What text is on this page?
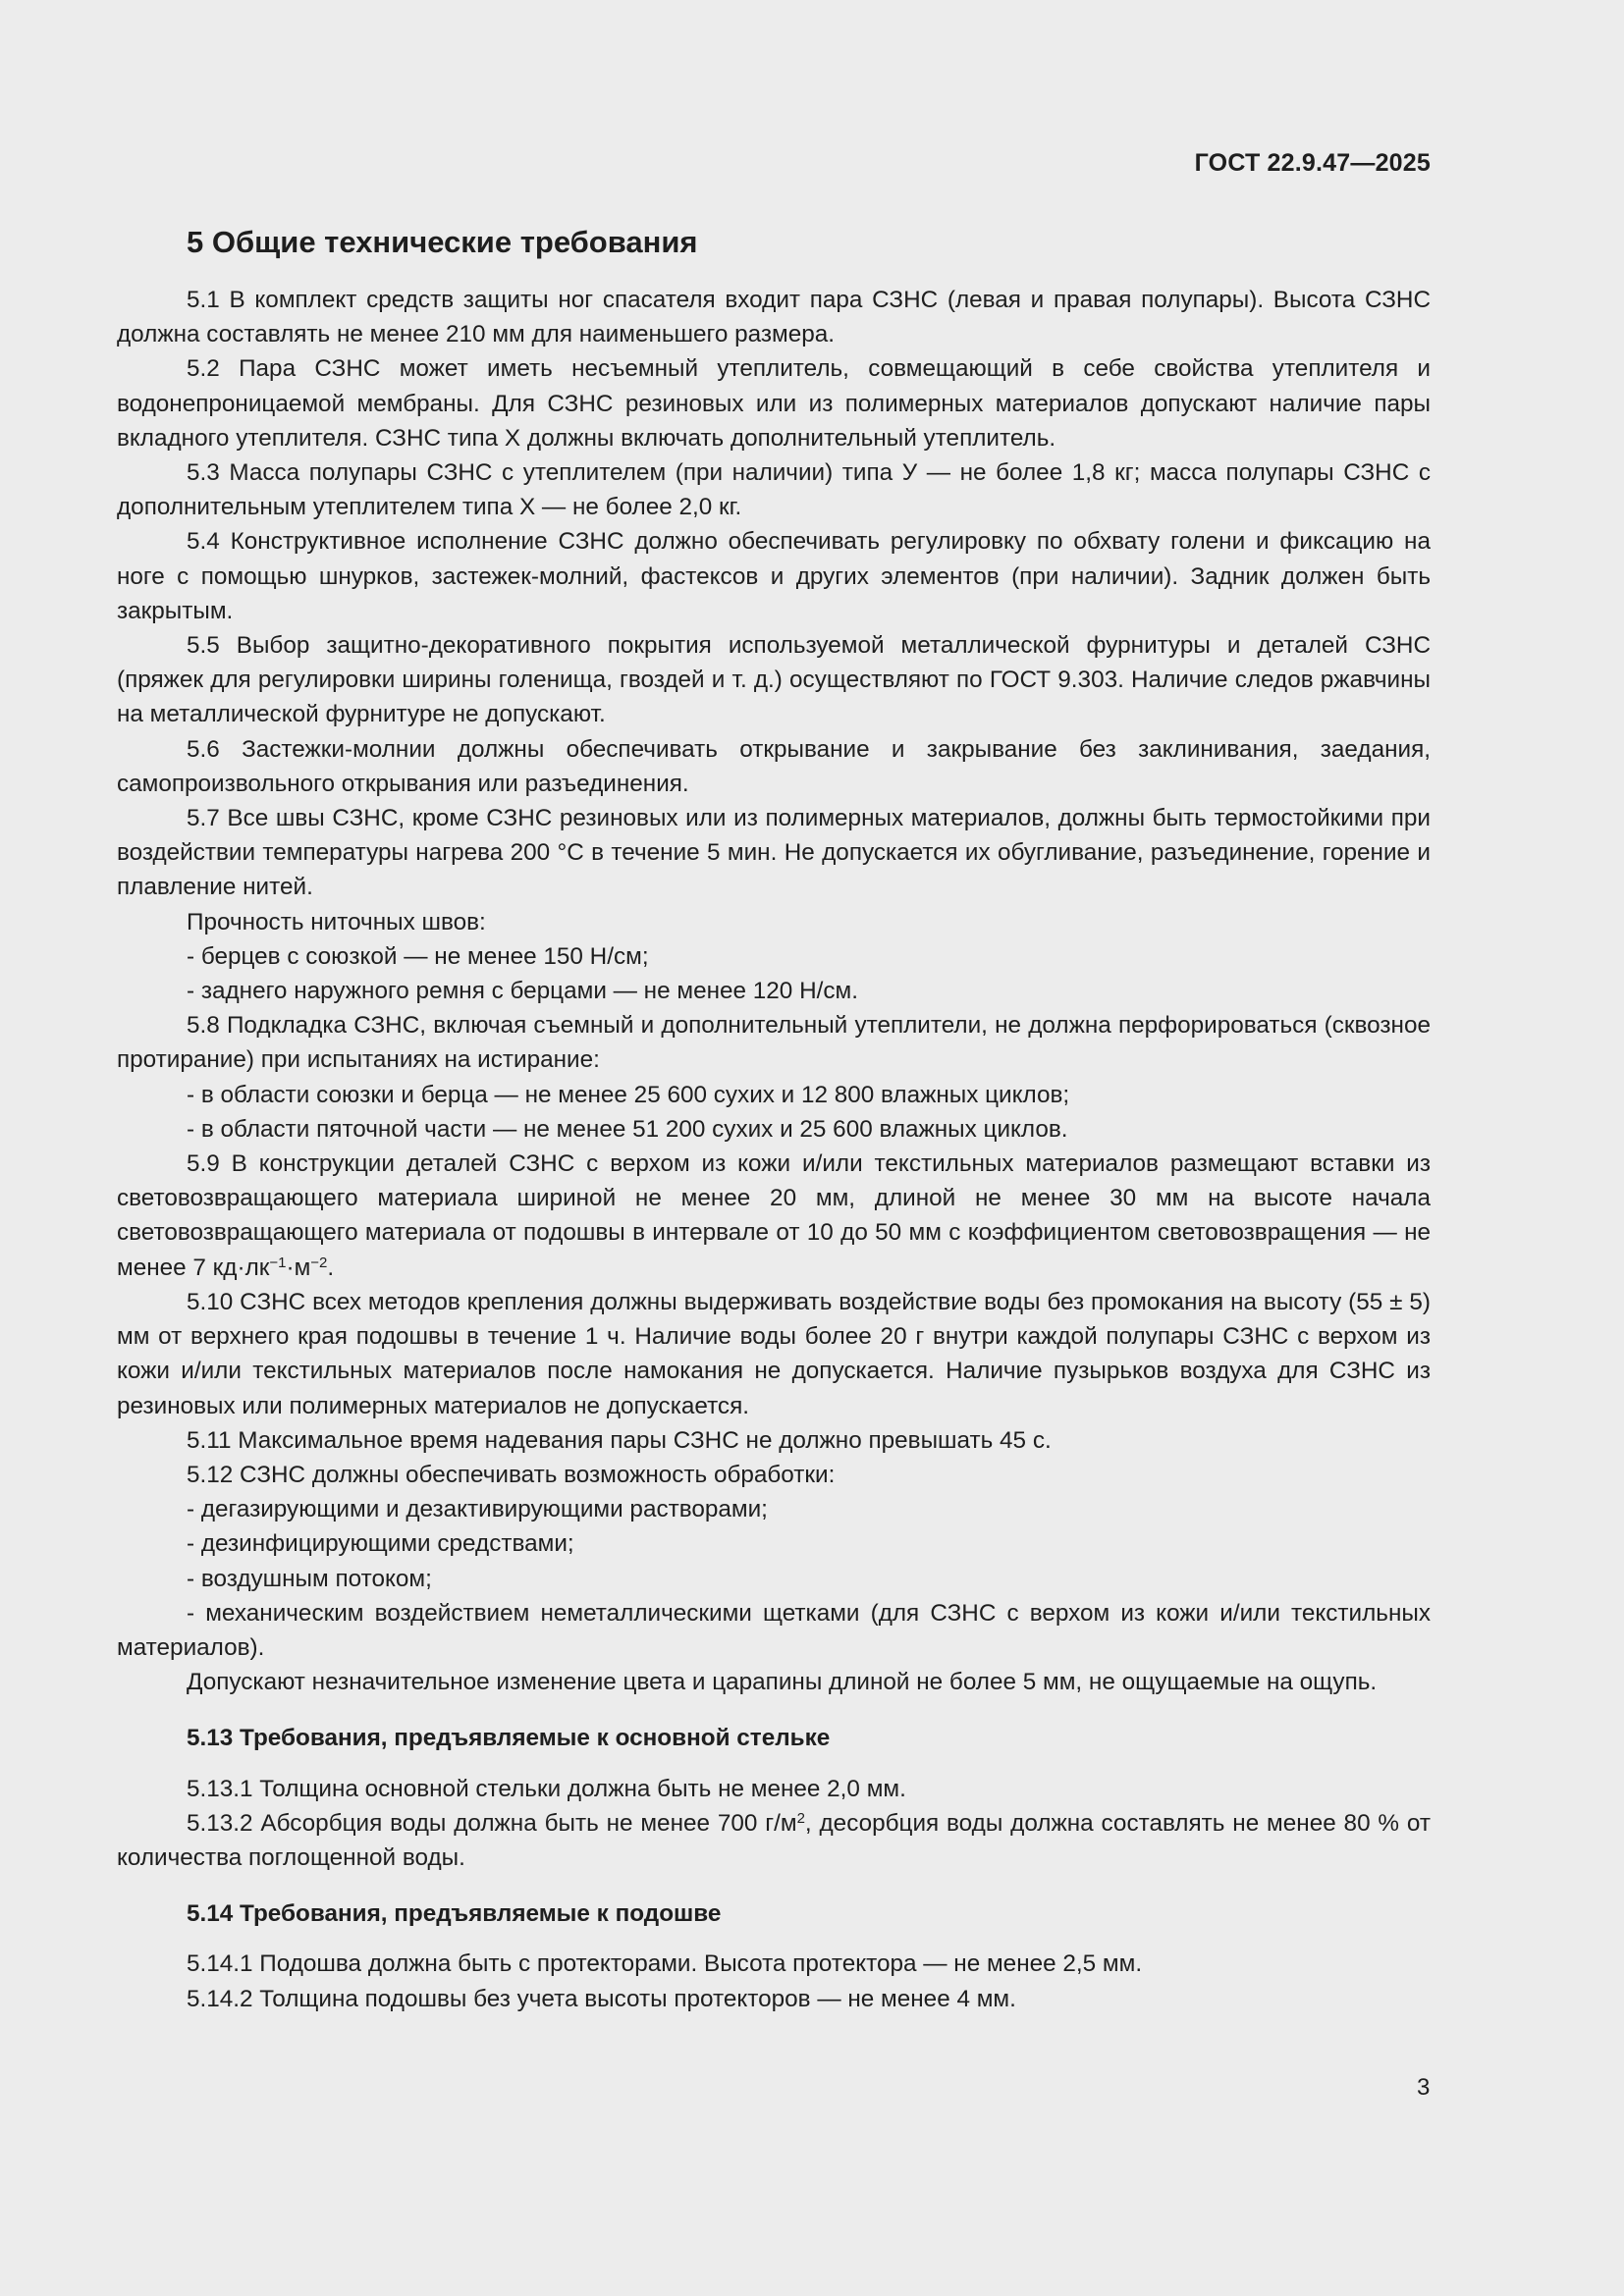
ГОСТ 22.9.47—2025
5 Общие технические требования

5.1 В комплект средств защиты ног спасателя входит пара СЗНС (левая и правая полупары). Высота СЗНС должна составлять не менее 210 мм для наименьшего размера.

5.2 Пара СЗНС может иметь несъемный утеплитель, совмещающий в себе свойства утеплителя и водонепроницаемой мембраны. Для СЗНС резиновых или из полимерных материалов допускают наличие пары вкладного утеплителя. СЗНС типа Х должны включать дополнительный утеплитель.

5.3 Масса полупары СЗНС с утеплителем (при наличии) типа У — не более 1,8 кг; масса полупары СЗНС с дополнительным утеплителем типа Х — не более 2,0 кг.

5.4 Конструктивное исполнение СЗНС должно обеспечивать регулировку по обхвату голени и фиксацию на ноге с помощью шнурков, застежек-молний, фастексов и других элементов (при наличии). Задник должен быть закрытым.

5.5 Выбор защитно-декоративного покрытия используемой металлической фурнитуры и деталей СЗНС (пряжек для регулировки ширины голенища, гвоздей и т. д.) осуществляют по ГОСТ 9.303. Наличие следов ржавчины на металлической фурнитуре не допускают.

5.6 Застежки-молнии должны обеспечивать открывание и закрывание без заклинивания, заедания, самопроизвольного открывания или разъединения.

5.7 Все швы СЗНС, кроме СЗНС резиновых или из полимерных материалов, должны быть термостойкими при воздействии температуры нагрева 200 °С в течение 5 мин. Не допускается их обугливание, разъединение, горение и плавление нитей.

Прочность ниточных швов:

- берцев с союзкой — не менее 150 Н/см;

- заднего наружного ремня с берцами — не менее 120 Н/см.

5.8 Подкладка СЗНС, включая съемный и дополнительный утеплители, не должна перфорироваться (сквозное протирание) при испытаниях на истирание:

- в области союзки и берца — не менее 25 600 сухих и 12 800 влажных циклов;

- в области пяточной части — не менее 51 200 сухих и 25 600 влажных циклов.

5.9 В конструкции деталей СЗНС с верхом из кожи и/или текстильных материалов размещают вставки из световозвращающего материала шириной не менее 20 мм, длиной не менее 30 мм на высоте начала световозвращающего материала от подошвы в интервале от 10 до 50 мм с коэффициентом световозвращения — не менее 7 $кд\cdot лк^{-1}\cdot м^{-2}$.

5.10 СЗНС всех методов крепления должны выдерживать воздействие воды без промокания на высоту (55 ± 5) мм от верхнего края подошвы в течение 1 ч. Наличие воды более 20 г внутри каждой полупары СЗНС с верхом из кожи и/или текстильных материалов после намокания не допускается. Наличие пузырьков воздуха для СЗНС из резиновых или полимерных материалов не допускается.

5.11 Максимальное время надевания пары СЗНС не должно превышать 45 с.

5.12 СЗНС должны обеспечивать возможность обработки:

- дегазирующими и дезактивирующими растворами;

- дезинфицирующими средствами;

- воздушным потоком;

- механическим воздействием неметаллическими щетками (для СЗНС с верхом из кожи и/или текстильных материалов).

Допускают незначительное изменение цвета и царапины длиной не более 5 мм, не ощущаемые на ощупь.

5.13 Требования, предъявляемые к основной стельке

5.13.1 Толщина основной стельки должна быть не менее 2,0 мм.

5.13.2 Абсорбция воды должна быть не менее 700 $г/м^2$, десорбция воды должна составлять не менее 80 % от количества поглощенной воды.

5.14 Требования, предъявляемые к подошве

5.14.1 Подошва должна быть с протекторами. Высота протектора — не менее 2,5 мм.

5.14.2 Толщина подошвы без учета высоты протекторов — не менее 4 мм.

3
